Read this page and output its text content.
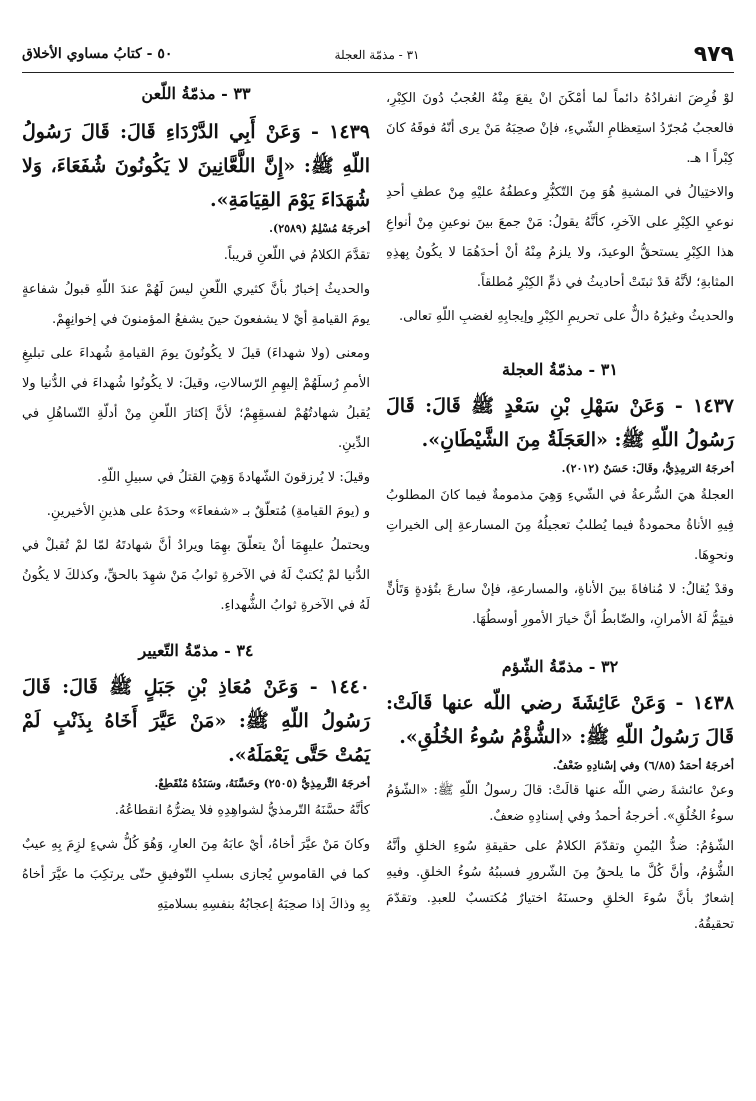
٩٧٩
٣١ - مذمّة العجلة
٥٠ - كتابُ مساوي الأخلاق

لوْ فُرِضَ انفرادُهُ دائماً لما أمْكَنَ انْ يقعَ مِنْهُ العُجبُ دُونَ الكِبْرِ، فالعجبُ مُجرّدُ استِعظامِ الشّيءِ، فإنْ صحِبَهُ مَنْ يرى أنّهُ فوقَهُ كانَ كِبْراً ا هـ.

والاختِيالُ في المشيةِ هُوَ مِنَ التّكبُّرِ وعطفُهُ عليْهِ مِنْ عطفِ أحدِ نوعيِ الكِبْرِ على الآخرِ، كأنَّهُ يقولُ: مَنْ جمعَ بينَ نوعينِ مِنْ أنواعِ هذا الكِبْرِ يستحقُّ الوعيدَ، ولا يلزمُ مِنْهُ أنْ أحدَهُمَا لا يكُونُ بِهذِهِ المثابةِ؛ لأنَّهُ قدْ ثبتَتْ أحاديثُ في ذمِّ الكِبْرِ مُطلقاً.

والحديثُ وغيرُهُ دالٌّ على تحريمِ الكِبْرِ وإيجابِهِ لغضبِ اللّهِ تعالى.

٣١ - مذمّةُ العجلة

١٤٣٧ - وَعَنْ سَهْلِ بْنِ سَعْدٍ ﷺ قَالَ: قَالَ رَسُولُ اللّهِ ﷺ: «العَجَلَةُ مِنَ الشَّيْطَانِ».

أخرجَهُ الترمِذِيُّ، وقَالَ: حَسَنٌ (٢٠١٢).

العجلةُ هيَ السُّرعةُ في الشّيءِ وَهِيَ مذمومةٌ فيما كانَ المطلوبُ فِيهِ الأناةُ محمودةٌ فيما يُطلبُ تعجيلُهُ مِنَ المسارعةِ إلى الخيراتِ ونحوِهَا.

وقدْ يُقالُ: لا مُنافاةَ بينَ الأناةِ، والمسارعةِ، فإنْ سارعَ بتُؤدةٍ وَتَأنٍّ فيتِمُّ لَهُ الأمرانِ، والضّابطُ أنَّ خيارَ الأمورِ أوسطُهَا.

٣٢ - مذمّةُ الشّؤم

١٤٣٨ - وَعَنْ عَائِشَةَ رضي اللّه عنها قَالَتْ: قَالَ رَسُولُ اللّهِ ﷺ: «الشُّؤْمُ سُوءُ الخُلُقِ».

أخرجَهُ أحمَدُ (٦/٨٥) وفي إسْنادِهِ ضَعْفٌ.

وعنْ عائشةَ رضي اللّه عنها قالَتْ: قالَ رسولُ اللّهِ ﷺ: «الشّؤمُ سوءُ الخُلُقِ». أخرجهُ أحمدُ وفي إسنادِهِ ضعفٌ.

الشّؤمُ: ضدُّ اليُمنِ وتقدّمَ الكلامُ على حقيقةِ سُوءِ الخلقِ وأنَّهُ الشُّؤمُ، وأنَّ كُلَّ ما يلحقُ مِنَ الشّرورِ فسببُهُ سُوءُ الخلقِ. وفيهِ إشعارٌ بأنَّ سُوءَ الخلقِ وحسنَهُ اختيارٌ مُكتسبٌ للعبدِ. وتقدّمَ تحقيقُهُ.

٣٣ - مذمّةُ اللّعن

١٤٣٩ - وَعَنْ أَبِي الدَّرْدَاءِ قَالَ: قَالَ رَسُولُ اللّهِ ﷺ: «إِنَّ اللَّعَّانِينَ لا يَكُونُونَ شُفَعَاءَ، وَلا شُهَدَاءَ يَوْمَ القِيَامَةِ».

أخرجَهُ مُسْلِمٌ (٢٥٨٩).

تقدَّمَ الكلامُ في اللّعنِ قريباً.

والحديثُ إخبارٌ بأنَّ كثيري اللّعنِ ليسَ لَهُمْ عندَ اللّهِ قبولُ شفاعةٍ يومَ القيامةِ أيْ لا يشفعونَ حينَ يشفعُ المؤمنونَ في إخوانِهِمْ.

ومعنى (ولا شهداءَ) قيلَ لا يكُونُونَ يومَ القيامةِ شُهداءَ على تبليغِ الأممِ رُسلَهُمْ إليهِمِ الرّسالاتِ، وقيلَ: لا يكُونُوا شُهداءَ في الدُّنيا ولا يُقبلُ شهادتُهُمْ لفسقِهِمْ؛ لأنَّ إكثارَ اللّعنِ مِنْ أدلّةِ التّساهُلِ في الدِّينِ.

وقيلَ: لا يُرزقونَ الشّهادةَ وَهِيَ القتلُ في سبيلِ اللّهِ.

و (يومَ القيامةِ) مُتعلّقٌ بـ «شفعاءَ» وحدَهُ على هذينِ الأخيرينِ.

ويحتملُ عليهِمَا أنْ يتعلّقَ بهِمَا ويرادُ أنَّ شهادتَهُ لمّا لمْ تُقبلْ في الدُّنيا لمْ يُكتبْ لَهُ في الآخرةِ ثوابُ مَنْ شهِدَ بالحقِّ، وكذلكَ لا يكُونُ لَهُ في الآخرةِ ثوابُ الشُّهداءِ.

٣٤ - مذمّةُ التّعيير

١٤٤٠ - وَعَنْ مُعَاذِ بْنِ جَبَلٍ ﷺ قَالَ: قَالَ رَسُولُ اللّهِ ﷺ: «مَنْ عَيَّرَ أَخَاهُ بِذَنْبٍ لَمْ يَمُتْ حَتَّى يَعْمَلَهُ».

أخرجَهُ التِّرمِذِيُّ (٢٥٠٥) وحَسَّنَهُ، وسَنَدُهُ مُنْقَطِعٌ.

كأنَّهُ حسَّنَهُ التّرمذيُّ لشواهِدِهِ فلا يضرُّهُ انقطاعُهُ.

وكانَ مَنْ عيَّرَ أخاهُ، أيْ عابَهُ مِنَ العارِ، وَهُوَ كُلُّ شيءٍ لزِمَ بِهِ عيبٌ كما في القاموسِ يُجازى بسلبِ التّوفيقِ حتّى يرتكِبَ ما عيَّرَ أخاهُ بِهِ وذاكَ إذا صحِبَهُ إعجابُهُ بنفسِهِ بسلامتِهِ
